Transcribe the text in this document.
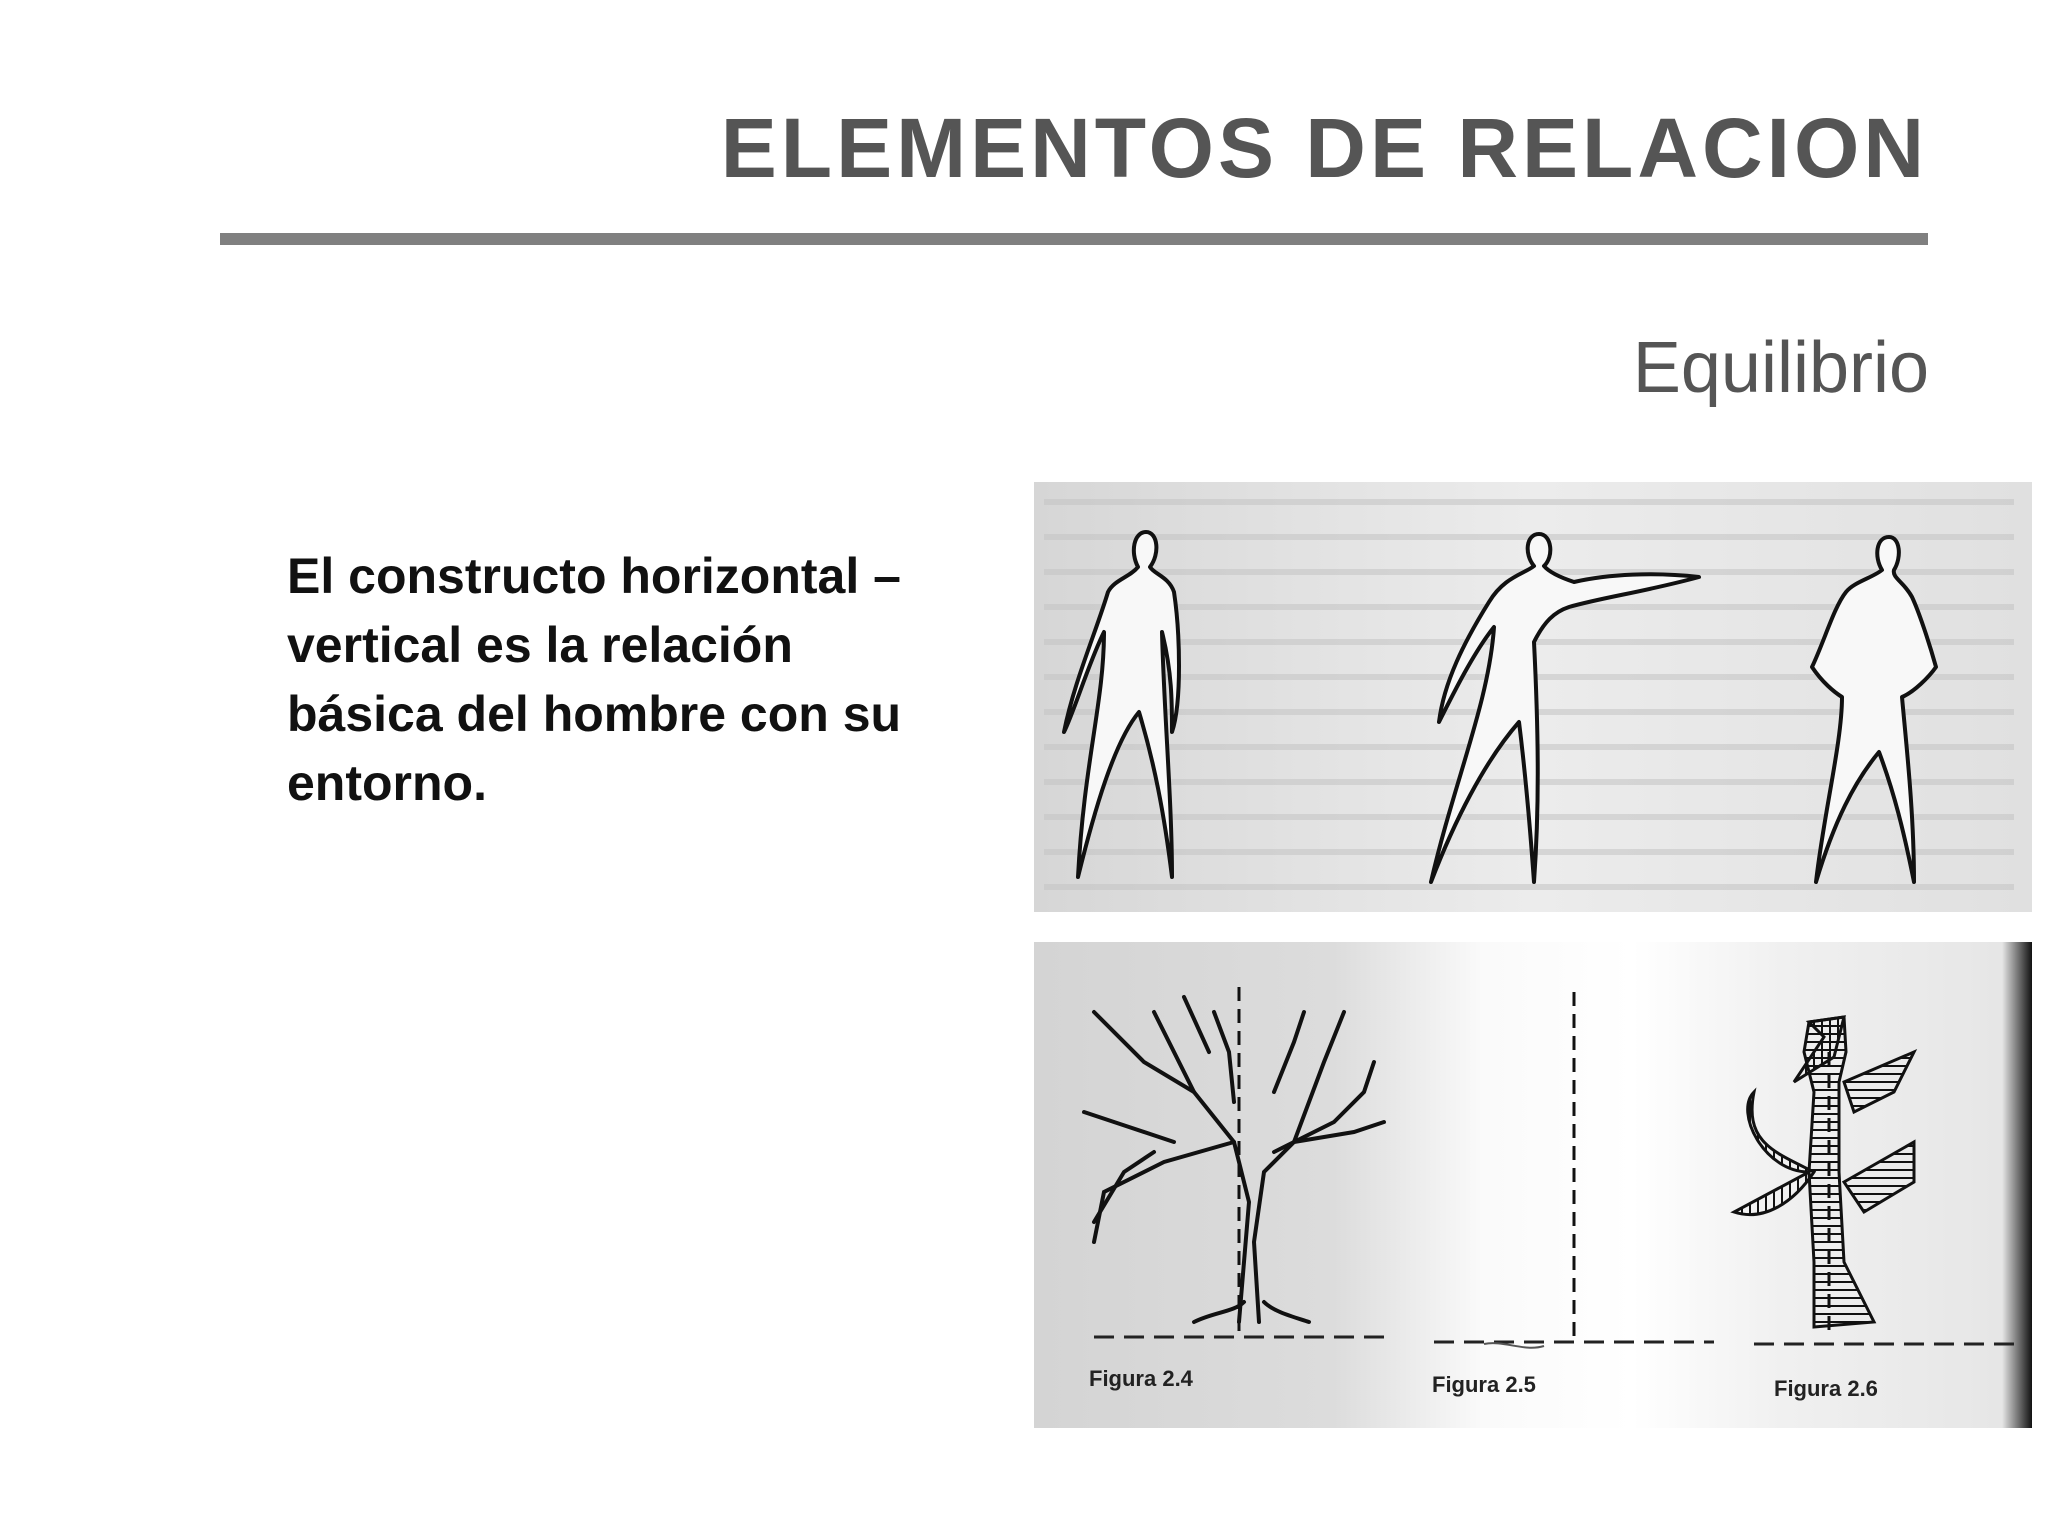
ELEMENTOS DE RELACION
Equilibrio

El constructo horizontal – vertical es la relación básica del hombre con su entorno.

Figura 2.4	Figura 2.5	Figura 2.6
